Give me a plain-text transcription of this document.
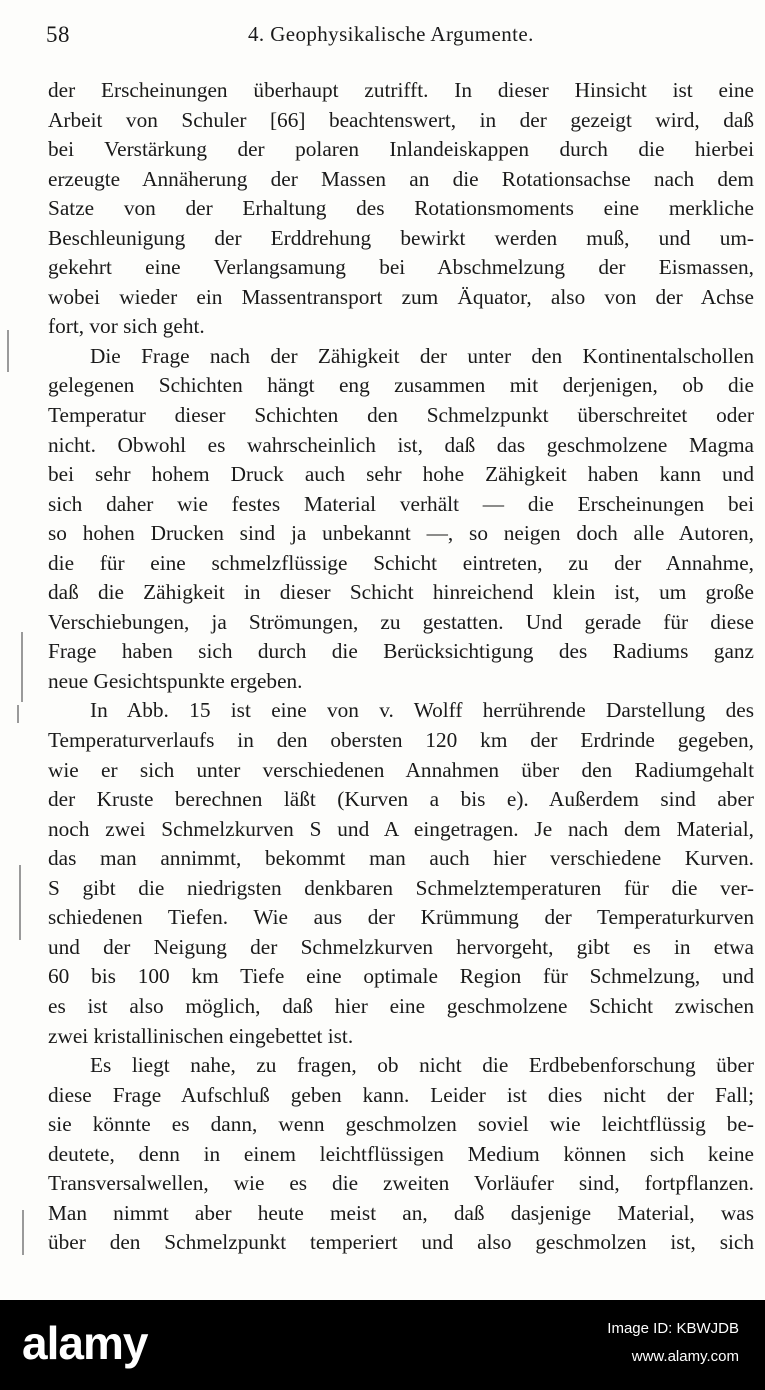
58	4. Geophysikalische Argumente.
der Erscheinungen überhaupt zutrifft. In dieser Hinsicht ist eine
Arbeit von Schuler [66] beachtenswert, in der gezeigt wird, daß
bei Verstärkung der polaren Inlandeiskappen durch die hierbei
erzeugte Annäherung der Massen an die Rotationsachse nach dem
Satze von der Erhaltung des Rotationsmoments eine merkliche
Beschleunigung der Erddrehung bewirkt werden muß, und um-
gekehrt eine Verlangsamung bei Abschmelzung der Eismassen,
wobei wieder ein Massentransport zum Äquator, also von der Achse
fort, vor sich geht.
Die Frage nach der Zähigkeit der unter den Kontinentalschollen
gelegenen Schichten hängt eng zusammen mit derjenigen, ob die
Temperatur dieser Schichten den Schmelzpunkt überschreitet oder
nicht. Obwohl es wahrscheinlich ist, daß das geschmolzene Magma
bei sehr hohem Druck auch sehr hohe Zähigkeit haben kann und
sich daher wie festes Material verhält — die Erscheinungen bei
so hohen Drucken sind ja unbekannt —, so neigen doch alle Autoren,
die für eine schmelzflüssige Schicht eintreten, zu der Annahme,
daß die Zähigkeit in dieser Schicht hinreichend klein ist, um große
Verschiebungen, ja Strömungen, zu gestatten. Und gerade für diese
Frage haben sich durch die Berücksichtigung des Radiums ganz
neue Gesichtspunkte ergeben.
In Abb. 15 ist eine von v. Wolff herrührende Darstellung des
Temperaturverlaufs in den obersten 120 km der Erdrinde gegeben,
wie er sich unter verschiedenen Annahmen über den Radiumgehalt
der Kruste berechnen läßt (Kurven a bis e). Außerdem sind aber
noch zwei Schmelzkurven S und A eingetragen. Je nach dem Material,
das man annimmt, bekommt man auch hier verschiedene Kurven.
S gibt die niedrigsten denkbaren Schmelztemperaturen für die ver-
schiedenen Tiefen. Wie aus der Krümmung der Temperaturkurven
und der Neigung der Schmelzkurven hervorgeht, gibt es in etwa
60 bis 100 km Tiefe eine optimale Region für Schmelzung, und
es ist also möglich, daß hier eine geschmolzene Schicht zwischen
zwei kristallinischen eingebettet ist.
Es liegt nahe, zu fragen, ob nicht die Erdbebenforschung über
diese Frage Aufschluß geben kann. Leider ist dies nicht der Fall;
sie könnte es dann, wenn geschmolzen soviel wie leichtflüssig be-
deutete, denn in einem leichtflüssigen Medium können sich keine
Transversalwellen, wie es die zweiten Vorläufer sind, fortpflanzen.
Man nimmt aber heute meist an, daß dasjenige Material, was
über den Schmelzpunkt temperiert und also geschmolzen ist, sich
alamy	Image ID: KBWJDB
www.alamy.com
